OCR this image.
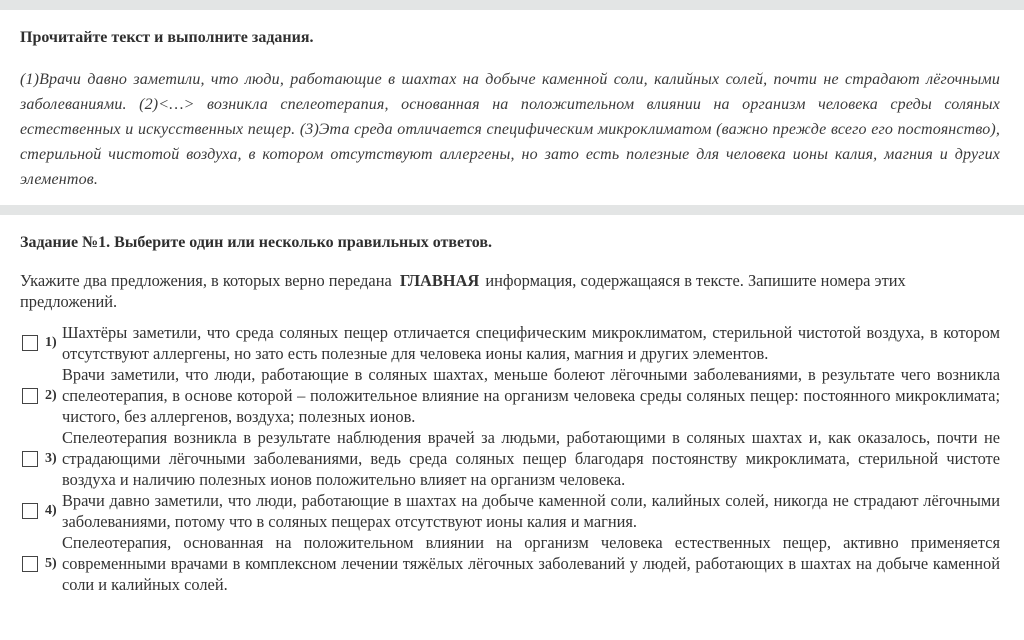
Прочитайте текст и выполните задания.

(1)Врачи давно заметили, что люди, работающие в шахтах на добыче каменной соли, калийных солей, почти не страдают лёгочными заболеваниями. (2)<…> возникла спелеотерапия, основанная на положительном влиянии на организм человека среды соляных естественных и искусственных пещер. (3)Эта среда отличается специфическим микроклиматом (важно прежде всего его постоянство), стерильной чистотой воздуха, в котором отсутствуют аллергены, но зато есть полезные для человека ионы калия, магния и других элементов.

Задание №1. Выберите один или несколько правильных ответов.

Укажите два предложения, в которых верно передана ГЛАВНАЯ информация, содержащаяся в тексте. Запишите номера этих предложений.
1)
Шахтёры заметили, что среда соляных пещер отличается специфическим микроклиматом, стерильной чистотой воздуха, в котором отсутствуют аллергены, но зато есть полезные для человека ионы калия, магния и других элементов.
2)
Врачи заметили, что люди, работающие в соляных шахтах, меньше болеют лёгочными заболеваниями, в результате чего возникла спелеотерапия, в основе которой – положительное влияние на организм человека среды соляных пещер: постоянного микроклимата; чистого, без аллергенов, воздуха; полезных ионов.
3)
Спелеотерапия возникла в результате наблюдения врачей за людьми, работающими в соляных шахтах и, как оказалось, почти не страдающими лёгочными заболеваниями, ведь среда соляных пещер благодаря постоянству микроклимата, стерильной чистоте воздуха и наличию полезных ионов положительно влияет на организм человека.
4)
Врачи давно заметили, что люди, работающие в шахтах на добыче каменной соли, калийных солей, никогда не страдают лёгочными заболеваниями, потому что в соляных пещерах отсутствуют ионы калия и магния.
5)
Спелеотерапия, основанная на положительном влиянии на организм человека естественных пещер, активно применяется современными врачами в комплексном лечении тяжёлых лёгочных заболеваний у людей, работающих в шахтах на добыче каменной соли и калийных солей.
